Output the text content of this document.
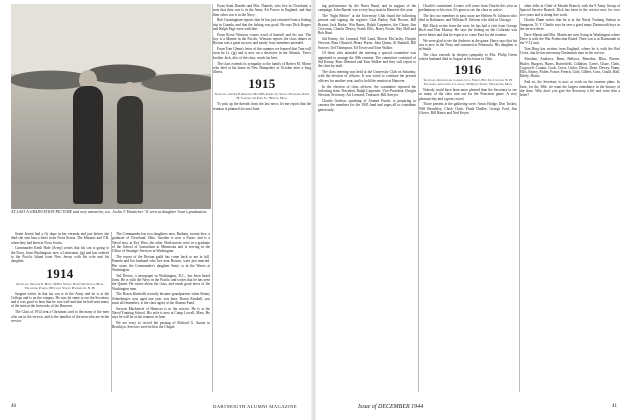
AT LAST A GRADUATION PICTURE and very attractive, too. Joslin T. Hunsicker '11 seen at daughter Joan's graduation.

Some Jewett had a fly dope in her veranda and just before she died she sent him a letter from Nova Scotia. The Maranis and T.B. when they had been in Nova Scotia.

Commander Keith Hale (Army) writes that his son is going to the Navy, from Washington, now a Lieutenant, (jg) and has ordered to the Pacific Island from New Jersey with his wife and his daughter.

1914
Secretary, William E. Hunt, 30 Bay Street, North Weymouth, Mass. Treasurer, Parker, 98 Cabot Street, Portsmouth, N. H.

Sargent writes in that his son is in the Army and he is at the College and is on the campus. He says he came to see the Secretary and it was good to hear that he was well and that he had seen many of the men at the fireworks of the Hanover.

The Class of 1914 sent a Christmas card to the many of the men who are in the service, and to the families of the men who are in the service.

The Commander has two daughters now, Barbara, twenty-five, a graduate of Cleveland, Ohio. Another is now a Nurse, and is a Naval now, at Key West, the other. Both nurses were in a graduate of the School of Journalism at Minnesota and is serving in the Office of Strategic Services in Washington.

The report of the Boston guild has come back to me in full. Pamela and her husband who live near Boston, were just married. Her sister, the Commander's daughter Susie, is in the Waves at Washington.

Ted Dewey, a newspaper in Washington, D.C., has been heard from. He is with the Navy in the Pacific and writes that he has seen the Queen. He writes about the class, and sends good news of the Washington men.

The Rosen Kimballs recently became grandparents when Kenny Schneberger, now aged one year, was born. Rosen Kimball, you must all remember, is the class agent of the Alumni Fund.

Stewart Mackensie of Hanover is in the service. He is at the Naval Training School. His wife is now at Camp Lowell, Mass. He says he will be at the reunion in June.

We are sorry to record the passing of Richard G. Austin in Brooklyn. Services were held at the Chapel.

From Saint Daniels and Mrs. Daniels, who live in Cleveland, a note that their son is in the Army Air Forces in England, and that their other son is in the Navy.

Bob Cunningham reports that he has just returned from a fishing trip in Canada, and that the fishing was good. He says Dick Rogers and Ralph Page were with him.

From Rowe Winston comes word of himself and his son. The boy is a Marine in the Pacific. Winston reports the class dinner in Boston was a great success and nearly forty members attended.

From Tom Glenn's letter of the summer we learned that Tom will soon be Lt. (jg) and is now on a destroyer in the Atlantic. Tom's brother Jack, also of the class, sends his best.

The class extends its sympathy to the family of Robert M. Morse who died at his home in New Hampshire in October after a long illness.

1915
Secretary, Arthur P. Rudolph, Box 665, Kirkland, Wash. Treasurer, Philip H. Sanford, 52 Park St., Boston, Mass.

To pick up the threads from the last news, let me report that the reunion is planned for next June.

ing performance by the Nutes Bund, and in support of the campaign. John Barrett was a very busy man in Hanover this year.

The "Sight Before" at the University Club found the following present and signing the register: Chet Bailey, Bob Brown, Bill Bryant, Jack Burke, Win Burns, Ralph Carpenter, Joe Cleary, Jim Corcoran, Charlie Dewey, Frank Ellis, Harry Foster, Ray Hall and Bob Hunt.

Sid Kenny, Art Leonard, Will Lund, Morrie McCarthy, Dwight Newton, Russ Olmsted, Henry Porter, John Quinn, Al Randall, Bill Sawyer, Ted Thompson, Ed Tower and Tom Walker.

Of those who attended the meeting a special committee was appointed to arrange the 30th reunion. The committee consisted of Sid Kenny, Russ Olmsted and Tom Walker and they will report to the class by mail.

The class meeting was held at the University Club on Saturday, with the election of officers. It was voted to continue the present officers for another year, and to hold the reunion at Hanover.

In the election of class officers, the committee reported the following slate: President, Ralph Carpenter; Vice-President, Dwight Newton; Secretary, Art Leonard; Treasurer, Bill Sawyer.

Charlie Grafton, speaking of Alumni Funds, is preparing to canvass the members for the 1945 fund and urges all to contribute generously.

Charlie's committee. Letters will come from Charlie this year as preliminary to his own. It's great to see the class so active.

The last two members to pass away are Herbert W. Johnson who died in Baltimore, and William D. Stevens who died in Chicago.

Bill Mack writes from the west: he has had a visit from George Rich and Don Murray. He says the fishing on the Colorado was never better and that he expects to come East for the reunion.

We were glad to see the Andrews at the game. Harry says that his son is now in the Navy and stationed at Pensacola. His daughter is at Smith.

The class extends its deepest sympathy to Mrs. Philip Green whose husband died in August at his home in Ohio.

1916
Secretary, Raymond A. Carrier, Coal Street, Box 34, Concord, N. H. Treasurer, Alexander J. Laidlaw, 30 Maple Street, Winchester, Mass.

Nobody could have been more pleased than the Secretary to see so many of the class turn out for the Princeton game. A very pleasant day and a great crowd.

Those present at the gathering were: Amos Hodge, Don Tucker, Will Beardsley, Chick Clark, Frank Dudley, George Ford, Jim Glover, Bill Harris and Ned Keyes.

other folks at Chief of Morale Branch, with the 9 Army Group of Special Service Branch. Dick has been in the service now for over two years and is doing fine work.

Charlie Dunn writes that he is at the Naval Training Station at Sampson, N. Y. Charlie says he sees a good many Dartmouth boys in the service there.

Dave Martin and Mrs. Martin are now living in Washington where Dave is with the War Production Board. Their son is at Dartmouth in the V-12 unit.

Tom Ring has written from England, where he is with the Red Cross, that he has met many Dartmouth men in the service.

Absolute, Andrews, Bean, Bellows, Benedict, Bliss, Brown, Butler, Burgess, Burns, Butterfield, Callahan, Carter, Chase, Clark, Cogswell, Conant, Cook, Cross, Cutler, Davis, Dean, Dewey, Dunn, Ellis, Emery, Fisher, Foster, French, Gale, Gilbert, Goss, Gould, Hall, Hardy, Harris.

And so, the Secretary is now at work on the reunion plans. In June, for the 30th, we want the largest attendance in the history of the class. Why don't you give the Secretary a lift and write him a letter?

40	DARTMOUTH ALUMNI MAGAZINE	Issue of DECEMBER 1944	41
